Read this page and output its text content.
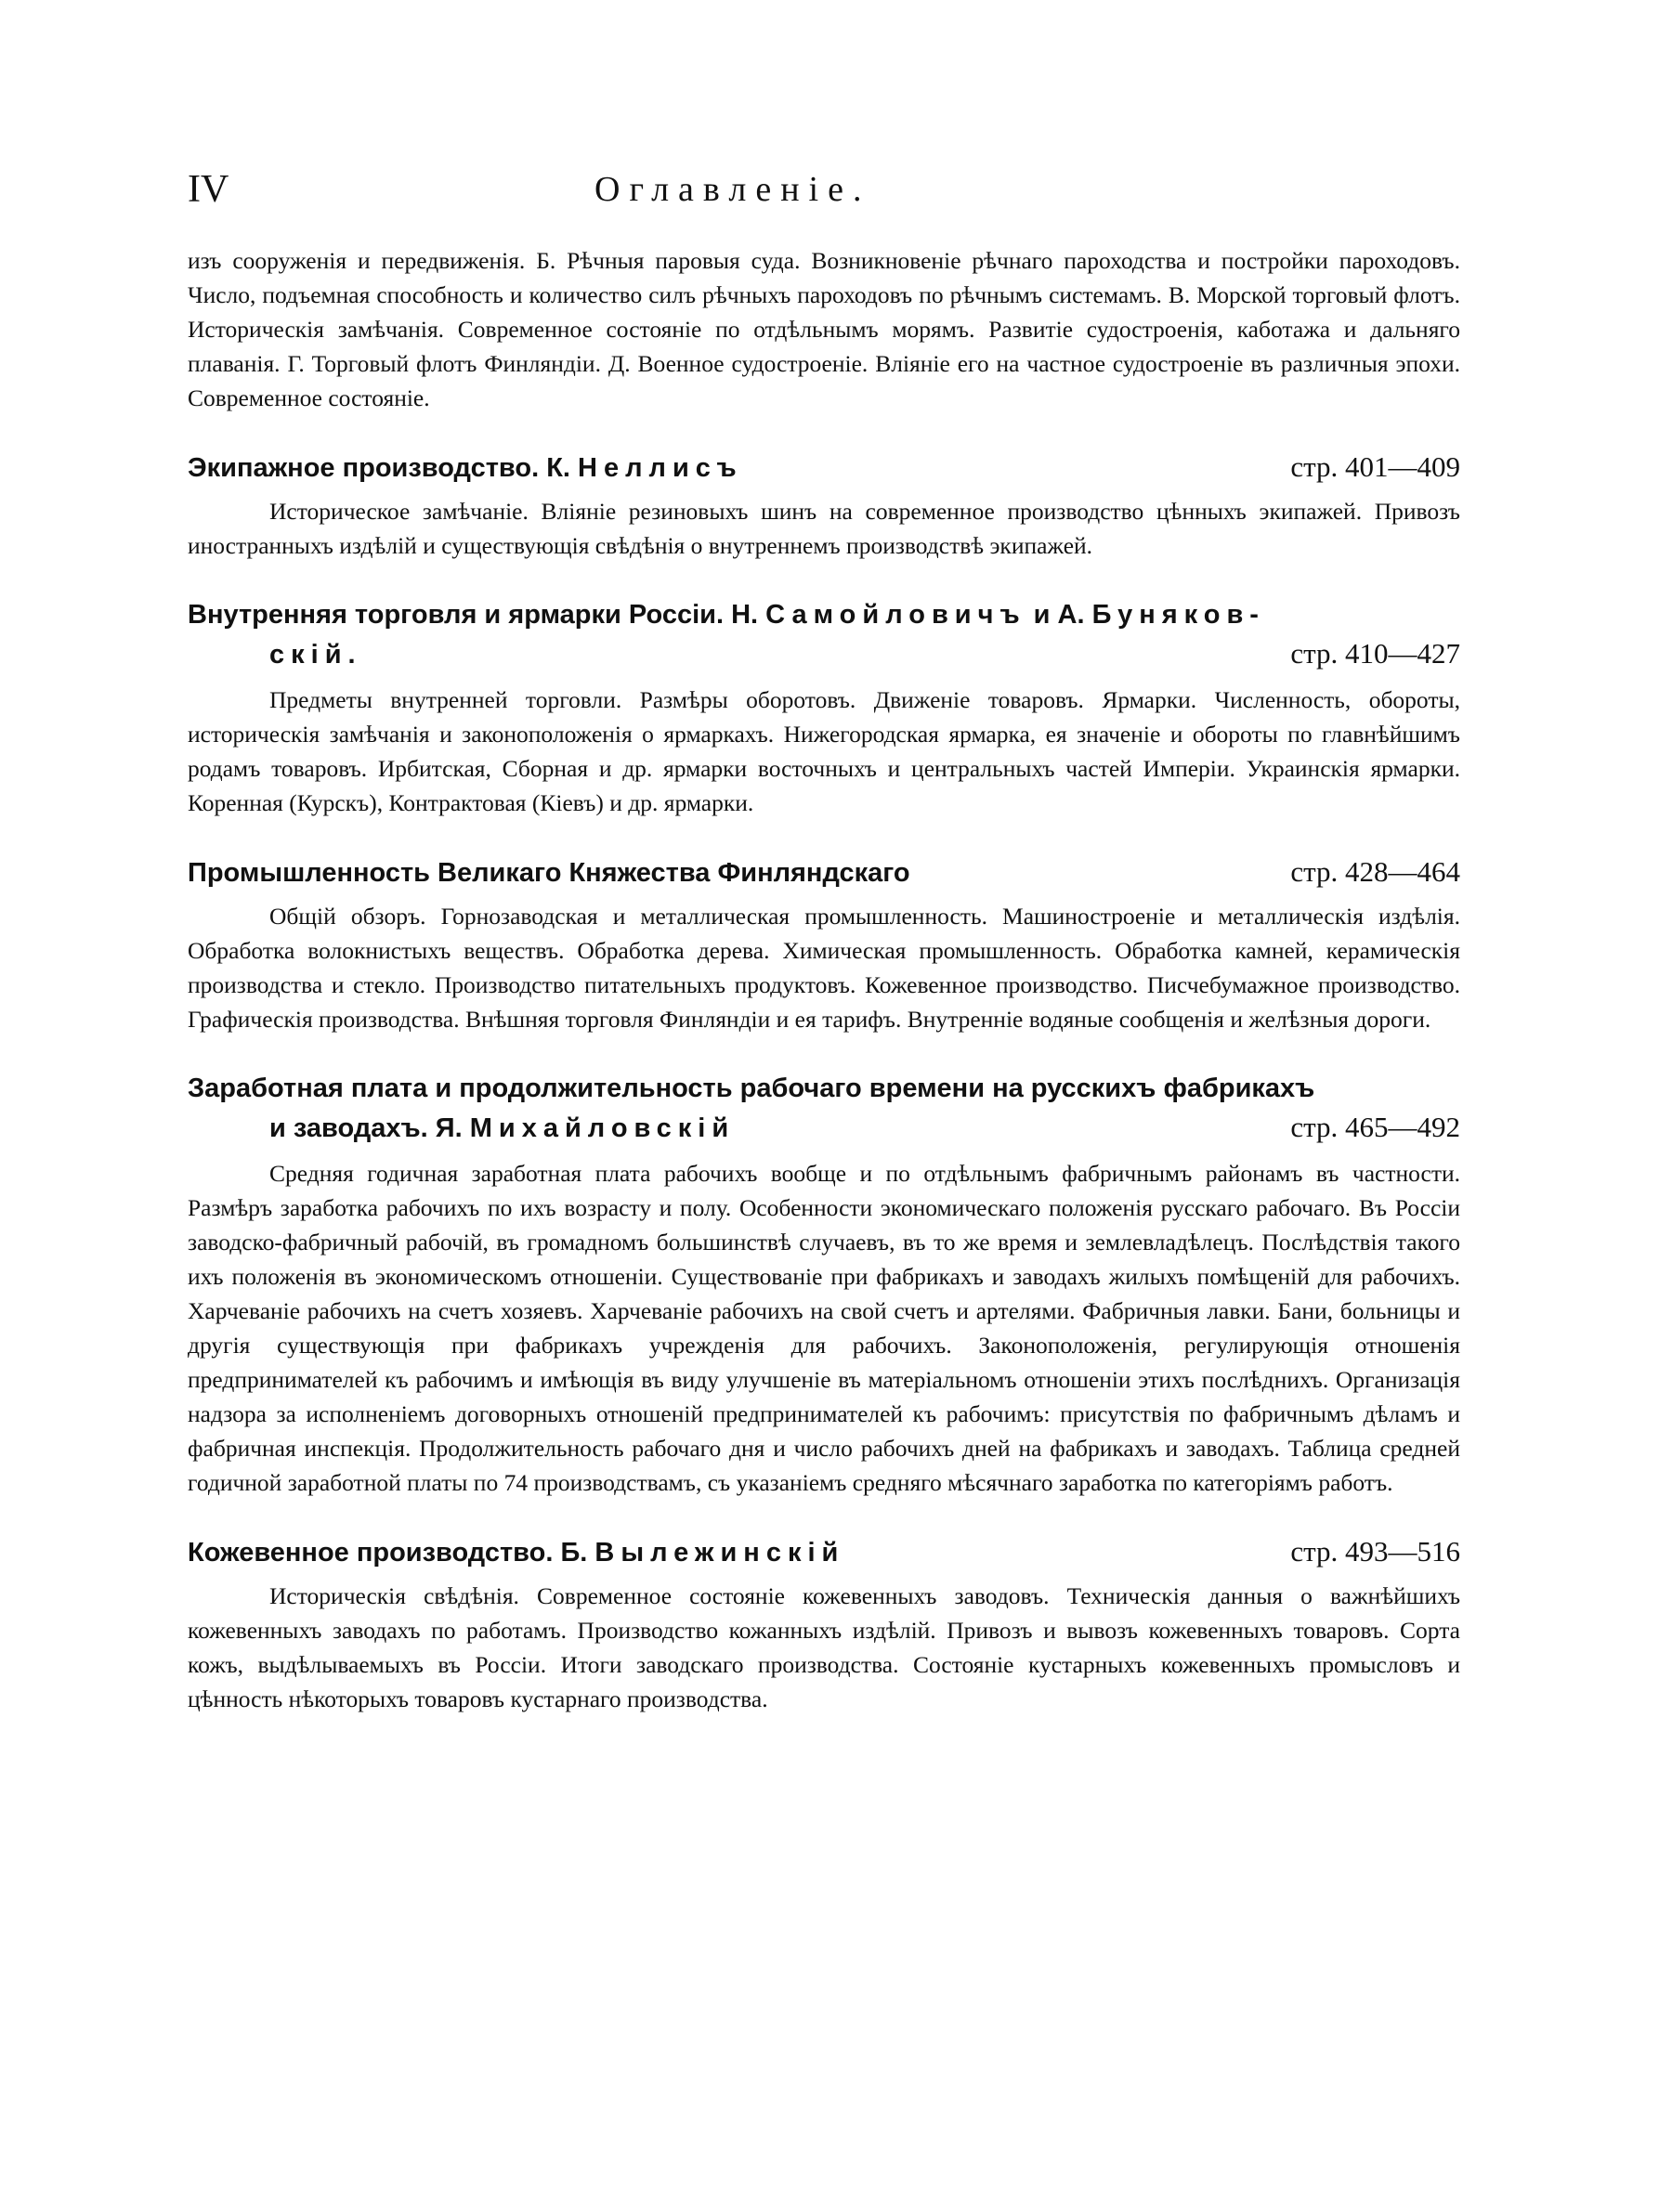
IV	Оглавленіе.

изъ сооруженія и передвиженія. Б. Рѣчныя паровыя суда. Возникновеніе рѣчнаго пароходства и постройки пароходовъ. Число, подъемная способность и количество силъ рѣчныхъ пароходовъ по рѣчнымъ системамъ. В. Морской торговый флотъ. Историческія замѣчанія. Современное состояніе по отдѣльнымъ морямъ. Развитіе судостроенія, каботажа и дальняго плаванія. Г. Торговый флотъ Финляндіи. Д. Военное судостроеніе. Вліяніе его на частное судостроеніе въ различныя эпохи. Современное состояніе.

Экипажное производство. К. Неллисъ	стр. 401—409

Историческое замѣчаніе. Вліяніе резиновыхъ шинъ на современное производство цѣнныхъ экипажей. Привозъ иностранныхъ издѣлій и существующія свѣдѣнія о внутреннемъ производствѣ экипажей.

Внутренняя торговля и ярмарки Россіи. Н. Самойловичъ и А. Буняков-
скій.	стр. 410—427

Предметы внутренней торговли. Размѣры оборотовъ. Движеніе товаровъ. Ярмарки. Численность, обороты, историческія замѣчанія и законоположенія о ярмаркахъ. Нижегородская ярмарка, ея значеніе и обороты по главнѣйшимъ родамъ товаровъ. Ирбитская, Сборная и др. ярмарки восточныхъ и центральныхъ частей Имперіи. Украинскія ярмарки. Коренная (Курскъ), Контрактовая (Кіевъ) и др. ярмарки.

Промышленность Великаго Княжества Финляндскаго	стр. 428—464

Общій обзоръ. Горнозаводская и металлическая промышленность. Машиностроеніе и металлическія издѣлія. Обработка волокнистыхъ веществъ. Обработка дерева. Химическая промышленность. Обработка камней, керамическія производства и стекло. Производство питательныхъ продуктовъ. Кожевенное производство. Писчебумажное производство. Графическія производства. Внѣшняя торговля Финляндіи и ея тарифъ. Внутренніе водяные сообщенія и желѣзныя дороги.

Заработная плата и продолжительность рабочаго времени на русскихъ фабрикахъ
и заводахъ. Я. Михайловскій	стр. 465—492

Средняя годичная заработная плата рабочихъ вообще и по отдѣльнымъ фабричнымъ районамъ въ частности. Размѣръ заработка рабочихъ по ихъ возрасту и полу. Особенности экономическаго положенія русскаго рабочаго. Въ Россіи заводско-фабричный рабочій, въ громадномъ большинствѣ случаевъ, въ то же время и землевладѣлецъ. Послѣдствія такого ихъ положенія въ экономическомъ отношеніи. Существованіе при фабрикахъ и заводахъ жилыхъ помѣщеній для рабочихъ. Харчеваніе рабочихъ на счетъ хозяевъ. Харчеваніе рабочихъ на свой счетъ и артелями. Фабричныя лавки. Бани, больницы и другія существующія при фабрикахъ учрежденія для рабочихъ. Законоположенія, регулирующія отношенія предпринимателей къ рабочимъ и имѣющія въ виду улучшеніе въ матеріальномъ отношеніи этихъ послѣднихъ. Организація надзора за исполненіемъ договорныхъ отношеній предпринимателей къ рабочимъ: присутствія по фабричнымъ дѣламъ и фабричная инспекція. Продолжительность рабочаго дня и число рабочихъ дней на фабрикахъ и заводахъ. Таблица средней годичной заработной платы по 74 производствамъ, съ указаніемъ средняго мѣсячнаго заработка по категоріямъ работъ.

Кожевенное производство. Б. Вылежинскій	стр. 493—516

Историческія свѣдѣнія. Современное состояніе кожевенныхъ заводовъ. Техническія данныя о важнѣйшихъ кожевенныхъ заводахъ по работамъ. Производство кожанныхъ издѣлій. Привозъ и вывозъ кожевенныхъ товаровъ. Сорта кожъ, выдѣлываемыхъ въ Россіи. Итоги заводскаго производства. Состояніе кустарныхъ кожевенныхъ промысловъ и цѣнность нѣкоторыхъ товаровъ кустарнаго производства.
